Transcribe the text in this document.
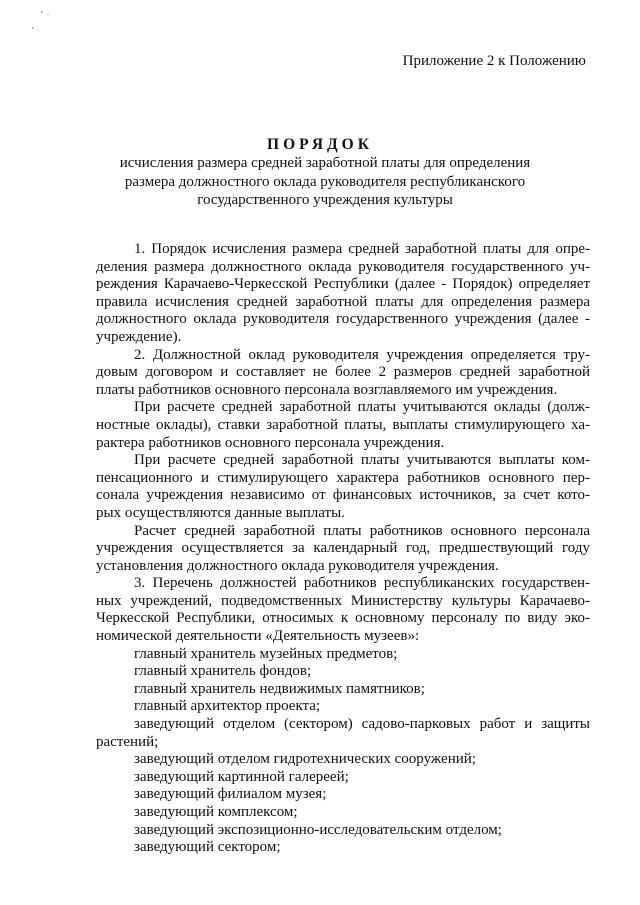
Приложение 2 к Положению
ПОРЯДОК
исчисления размера средней заработной платы для определения
размера должностного оклада руководителя республиканского
государственного учреждения культуры
1. Порядок исчисления размера средней заработной платы для опре-
деления размера должностного оклада руководителя государственного уч-
реждения Карачаево-Черкесской Республики (далее - Порядок) определяет
правила исчисления средней заработной платы для определения размера
должностного оклада руководителя государственного учреждения (далее -
учреждение).
2. Должностной оклад руководителя учреждения определяется тру-
довым договором и составляет не более 2 размеров средней заработной
платы работников основного персонала возглавляемого им учреждения.
При расчете средней заработной платы учитываются оклады (долж-
ностные оклады), ставки заработной платы, выплаты стимулирующего ха-
рактера работников основного персонала учреждения.
При расчете средней заработной платы учитываются выплаты ком-
пенсационного и стимулирующего характера работников основного пер-
сонала учреждения независимо от финансовых источников, за счет кото-
рых осуществляются данные выплаты.
Расчет средней заработной платы работников основного персонала
учреждения осуществляется за календарный год, предшествующий году
установления должностного оклада руководителя учреждения.
3. Перечень должностей работников республиканских государствен-
ных учреждений, подведомственных Министерству культуры Карачаево-
Черкесской Республики, относимых к основному персоналу по виду эко-
номической деятельности «Деятельность музеев»:
главный хранитель музейных предметов;
главный хранитель фондов;
главный хранитель недвижимых памятников;
главный архитектор проекта;
заведующий отделом (сектором) садово-парковых работ и защиты
растений;
заведующий отделом гидротехнических сооружений;
заведующий картинной галереей;
заведующий филиалом музея;
заведующий комплексом;
заведующий экспозиционно-исследовательским отделом;
заведующий сектором;
